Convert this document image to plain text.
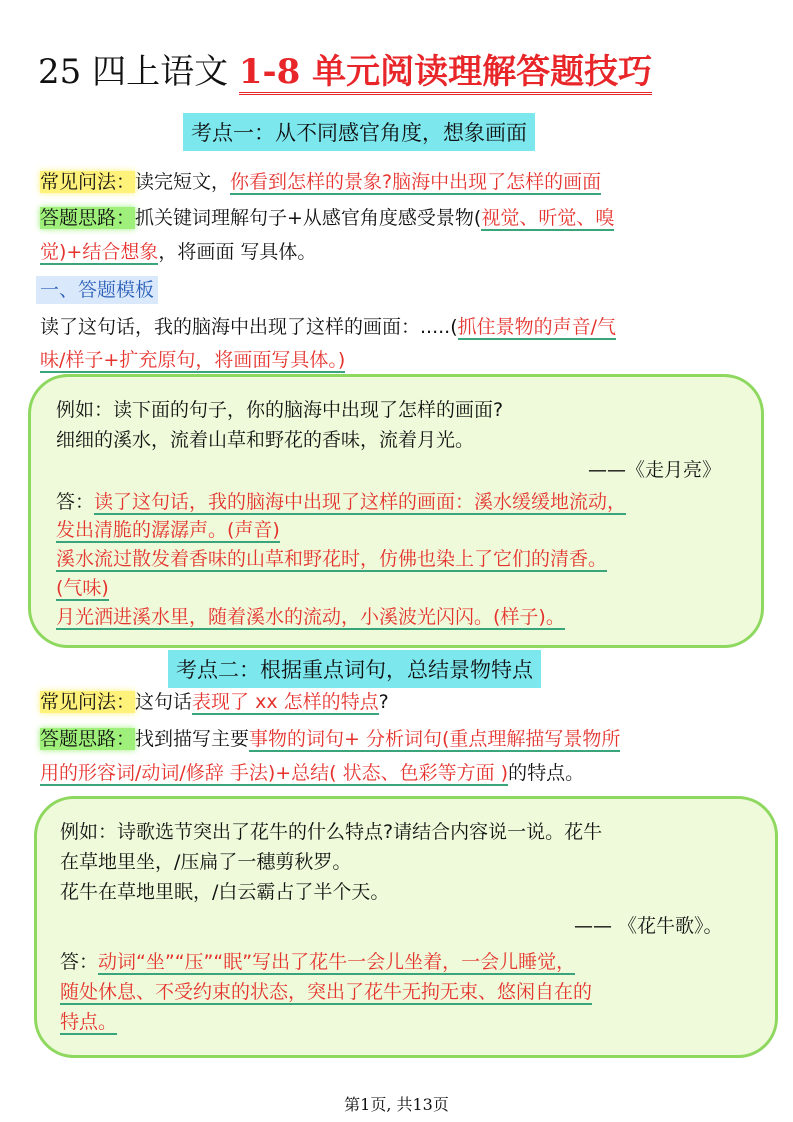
25 四上语文 1-8 单元阅读理解答题技巧
考点一：从不同感官角度，想象画面
常见问法：读完短文，你看到怎样的景象?脑海中出现了怎样的画面
答题思路：抓关键词理解句子+从感官角度感受景物(视觉、听觉、嗅
觉)+结合想象，将画面 写具体。
一、答题模板
读了这句话，我的脑海中出现了这样的画面：.....(抓住景物的声音/气
味/样子+扩充原句，将画面写具体。)
例如：读下面的句子，你的脑海中出现了怎样的画面?
细细的溪水，流着山草和野花的香味，流着月光。
——《走月亮》
答：读了这句话，我的脑海中出现了这样的画面：溪水缓缓地流动，
发出清脆的潺潺声。(声音)
溪水流过散发着香味的山草和野花时，仿佛也染上了它们的清香。
(气味)
月光洒进溪水里，随着溪水的流动，小溪波光闪闪。(样子)。
考点二：根据重点词句，总结景物特点
常见问法：这句话表现了 xx 怎样的特点?
答题思路：找到描写主要事物的词句+ 分析词句(重点理解描写景物所
用的形容词/动词/修辞 手法)+总结( 状态、色彩等方面 )的特点。
例如：诗歌选节突出了花牛的什么特点?请结合内容说一说。花牛
在草地里坐，/压扁了一穗剪秋罗。
花牛在草地里眠，/白云霸占了半个天。
—— 《花牛歌》。
答：动词“坐”“压”“眠”写出了花牛一会儿坐着，一会儿睡觉，
随处休息、不受约束的状态，突出了花牛无拘无束、悠闲自在的
特点。
第1页, 共13页
